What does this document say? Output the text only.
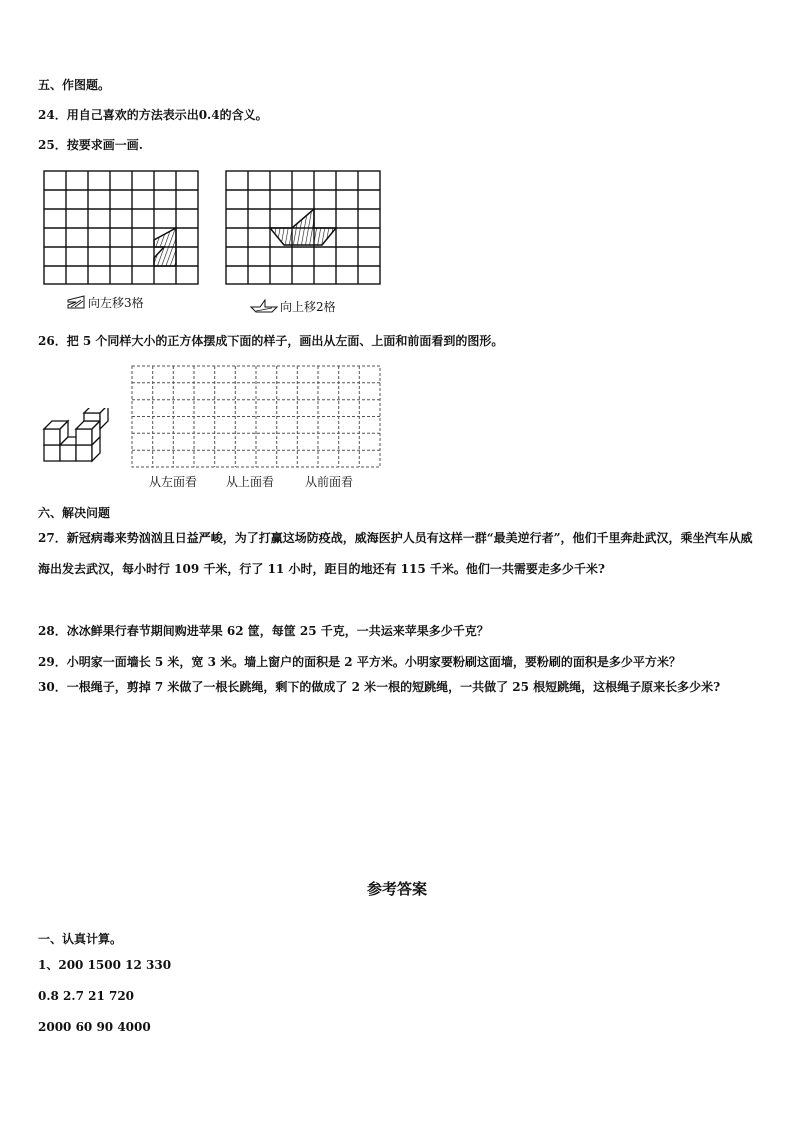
五、作图题。
24．用自己喜欢的方法表示出0.4的含义。
25．按要求画一画.
向左移3格	向上移2格
26．把 5 个同样大小的正方体摆成下面的样子，画出从左面、上面和前面看到的图形。
从左面看 从上面看	从前面看
六、解决问题
27．新冠病毒来势汹汹且日益严峻，为了打赢这场防疫战，威海医护人员有这样一群“最美逆行者”，他们千里奔赴武汉，乘坐汽车从威海出发去武汉，每小时行 109 千米，行了 11 小时，距目的地还有 115 千米。他们一共需要走多少千米?
28．冰冰鲜果行春节期间购进苹果 62 筐，每筐 25 千克，一共运来苹果多少千克？
29．小明家一面墙长 5 米，宽 3 米。墙上窗户的面积是 2 平方米。小明家要粉刷这面墙，要粉刷的面积是多少平方米？
30．一根绳子，剪掉 7 米做了一根长跳绳，剩下的做成了 2 米一根的短跳绳，一共做了 25 根短跳绳，这根绳子原来长多少米?
参考答案
一、认真计算。
1、200 1500 12 330
0.8 2.7 21 720
2000 60 90 4000
